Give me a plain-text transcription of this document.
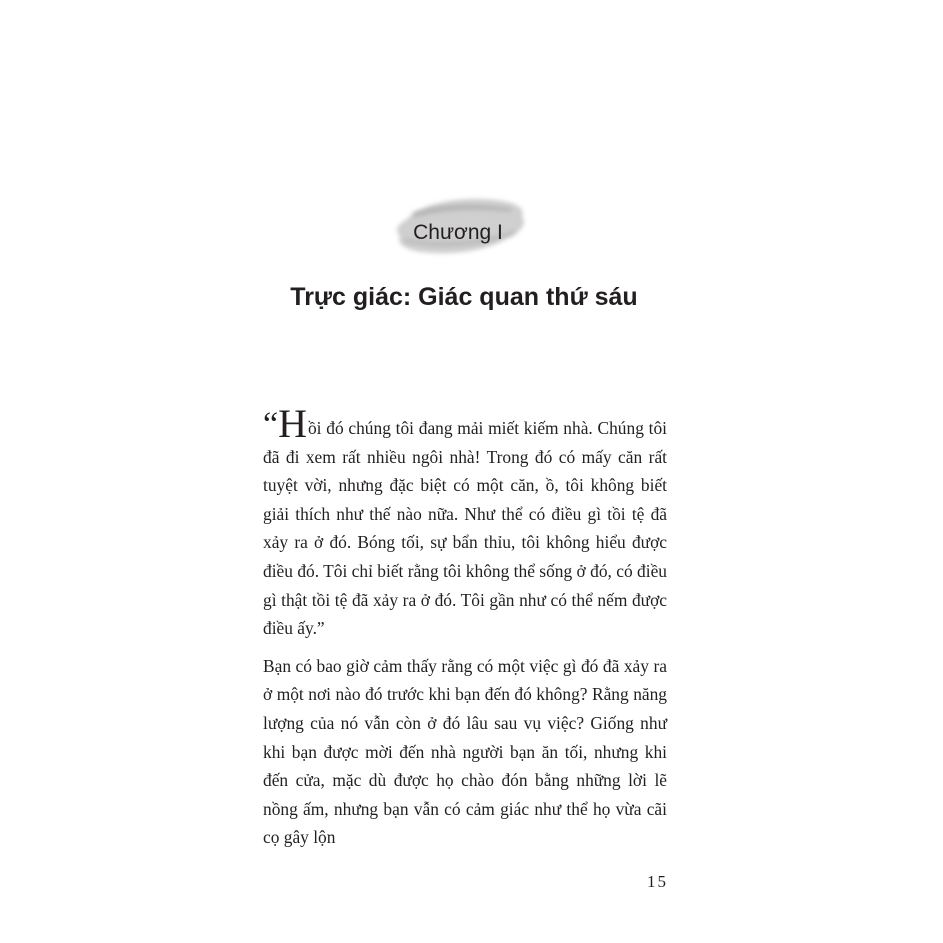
Chương I
Trực giác: Giác quan thứ sáu

“Hồi đó chúng tôi đang mải miết kiếm nhà. Chúng tôi đã đi xem rất nhiều ngôi nhà! Trong đó có mấy căn rất tuyệt vời, nhưng đặc biệt có một căn, ồ, tôi không biết giải thích như thế nào nữa. Như thể có điều gì tồi tệ đã xảy ra ở đó. Bóng tối, sự bẩn thỉu, tôi không hiểu được điều đó. Tôi chỉ biết rằng tôi không thể sống ở đó, có điều gì thật tồi tệ đã xảy ra ở đó. Tôi gần như có thể nếm được điều ấy.”

Bạn có bao giờ cảm thấy rằng có một việc gì đó đã xảy ra ở một nơi nào đó trước khi bạn đến đó không? Rằng năng lượng của nó vẫn còn ở đó lâu sau vụ việc? Giống như khi bạn được mời đến nhà người bạn ăn tối, nhưng khi đến cửa, mặc dù được họ chào đón bằng những lời lẽ nồng ấm, nhưng bạn vẫn có cảm giác như thể họ vừa cãi cọ gây lộn

15
